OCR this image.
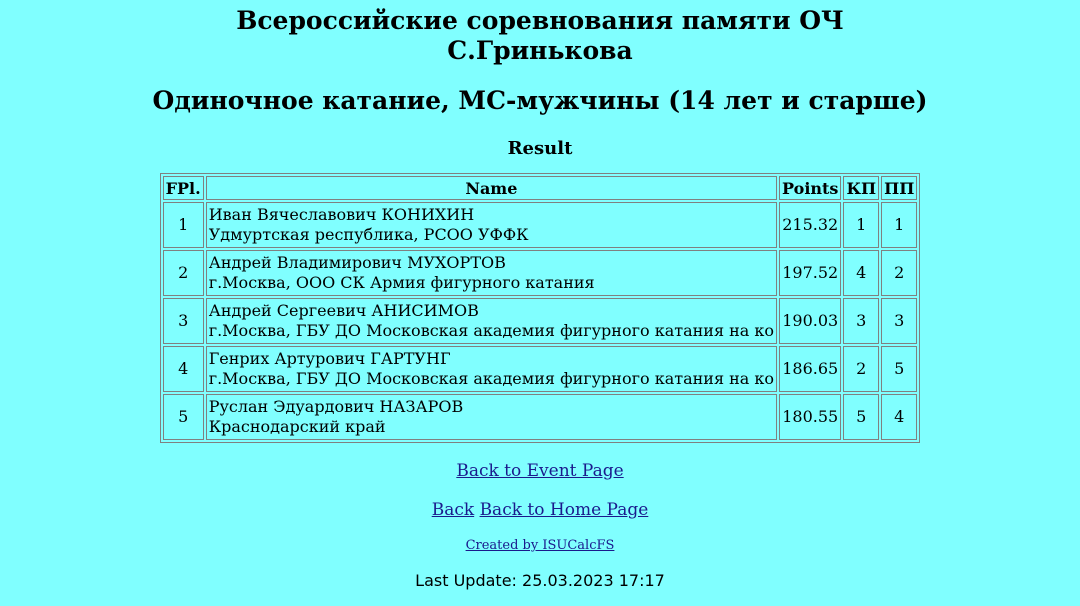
Всероссийские соревнования памяти ОЧ
С.Гринькова
Одиночное катание, МС-мужчины (14 лет и старше)
Result
FPl.	Name	Points	КП	ПП
1	Иван Вячеславович КОНИХИН
Удмуртская республика, РСОО УФФК	215.32	1	1
2	Андрей Владимирович МУХОРТОВ
г.Москва, ООО СК Армия фигурного катания	197.52	4	2
3	Андрей Сергеевич АНИСИМОВ
г.Москва, ГБУ ДО Московская академия фигурного катания на ко	190.03	3	3
4	Генрих Артурович ГАРТУНГ
г.Москва, ГБУ ДО Московская академия фигурного катания на ко	186.65	2	5
5	Руслан Эдуардович НАЗАРОВ
Краснодарский край	180.55	5	4
Back to Event Page
Back Back to Home Page
Created by ISUCalcFS
Last Update: 25.03.2023 17:17
